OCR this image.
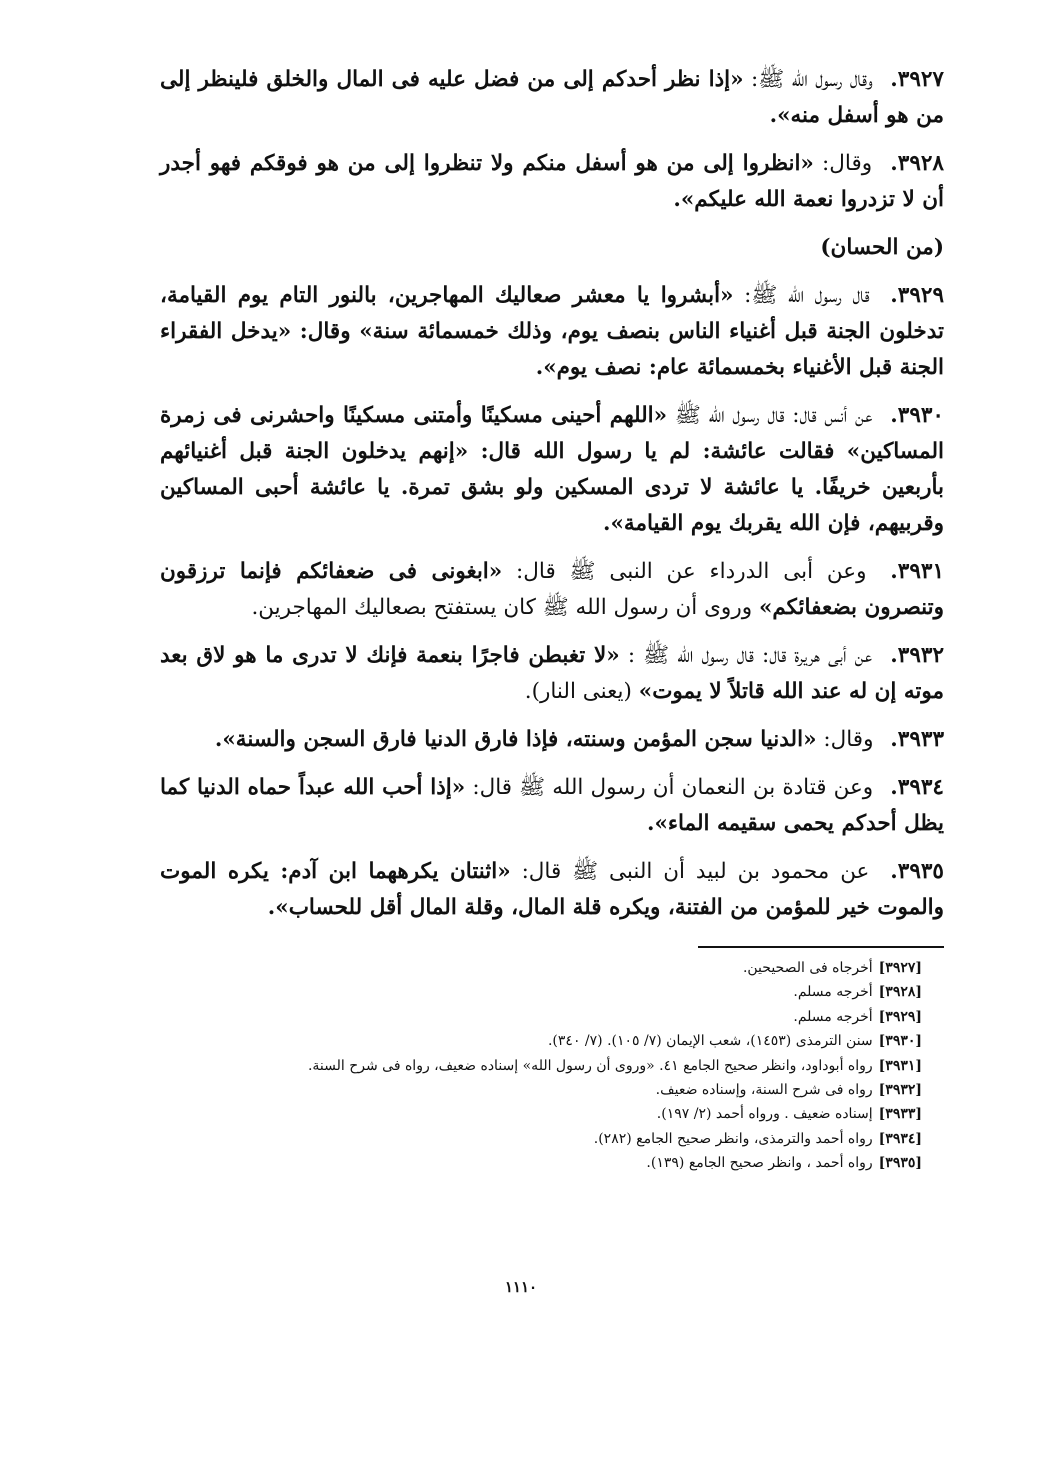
٣٩٢٧. وقال رسول الله ﷺ: «إذا نظر أحدكم إلى من فضل عليه فى المال والخلق فلينظر إلى من هو أسفل منه».

٣٩٢٨. وقال: «انظروا إلى من هو أسفل منكم ولا تنظروا إلى من هو فوقكم فهو أجدر أن لا تزدروا نعمة الله عليكم».

(من الحسان)

٣٩٢٩. قال رسول الله ﷺ: «أبشروا يا معشر صعاليك المهاجرين، بالنور التام يوم القيامة، تدخلون الجنة قبل أغنياء الناس بنصف يوم، وذلك خمسمائة سنة» وقال: «يدخل الفقراء الجنة قبل الأغنياء بخمسمائة عام: نصف يوم».

٣٩٣٠. عن أنس قال: قال رسول الله ﷺ «اللهم أحينى مسكينًا وأمتنى مسكينًا واحشرنى فى زمرة المساكين» فقالت عائشة: لم يا رسول الله قال: «إنهم يدخلون الجنة قبل أغنيائهم بأربعين خريفًا. يا عائشة لا تردى المسكين ولو بشق تمرة. يا عائشة أحبى المساكين وقربيهم، فإن الله يقربك يوم القيامة».

٣٩٣١. وعن أبى الدرداء عن النبى ﷺ قال: «ابغونى فى ضعفائكم فإنما ترزقون وتنصرون بضعفائكم» وروى أن رسول الله ﷺ كان يستفتح بصعاليك المهاجرين.

٣٩٣٢. عن أبى هريرة قال: قال رسول الله ﷺ : «لا تغبطن فاجرًا بنعمة فإنك لا تدرى ما هو لاق بعد موته إن له عند الله قاتلاً لا يموت» (يعنى النار).

٣٩٣٣. وقال: «الدنيا سجن المؤمن وسنته، فإذا فارق الدنيا فارق السجن والسنة».

٣٩٣٤. وعن قتادة بن النعمان أن رسول الله ﷺ قال: «إذا أحب الله عبداً حماه الدنيا كما يظل أحدكم يحمى سقيمه الماء».

٣٩٣٥. عن محمود بن لبيد أن النبى ﷺ قال: «اثنتان يكرههما ابن آدم: يكره الموت والموت خير للمؤمن من الفتنة، ويكره قلة المال، وقلة المال أقل للحساب».

[٣٩٢٧]أخرجاه فى الصحيحين.
[٣٩٢٨]أخرجه مسلم.
[٣٩٢٩]أخرجه مسلم.
[٣٩٣٠]سنن الترمذى (١٤٥٣)، شعب الإيمان (٧/ ١٠٥). (٧/ ٣٤٠).
[٣٩٣١]رواه أبوداود، وانظر صحيح الجامع ٤١. «وروى أن رسول الله» إسناده ضعيف، رواه فى شرح السنة.
[٣٩٣٢]رواه فى شرح السنة، وإسناده ضعيف.
[٣٩٣٣]إسناده ضعيف . ورواه أحمد (٢/ ١٩٧).
[٣٩٣٤]رواه أحمد والترمذى، وانظر صحيح الجامع (٢٨٢).
[٣٩٣٥]رواه أحمد ، وانظر صحيح الجامع (١٣٩).
١١١٠
